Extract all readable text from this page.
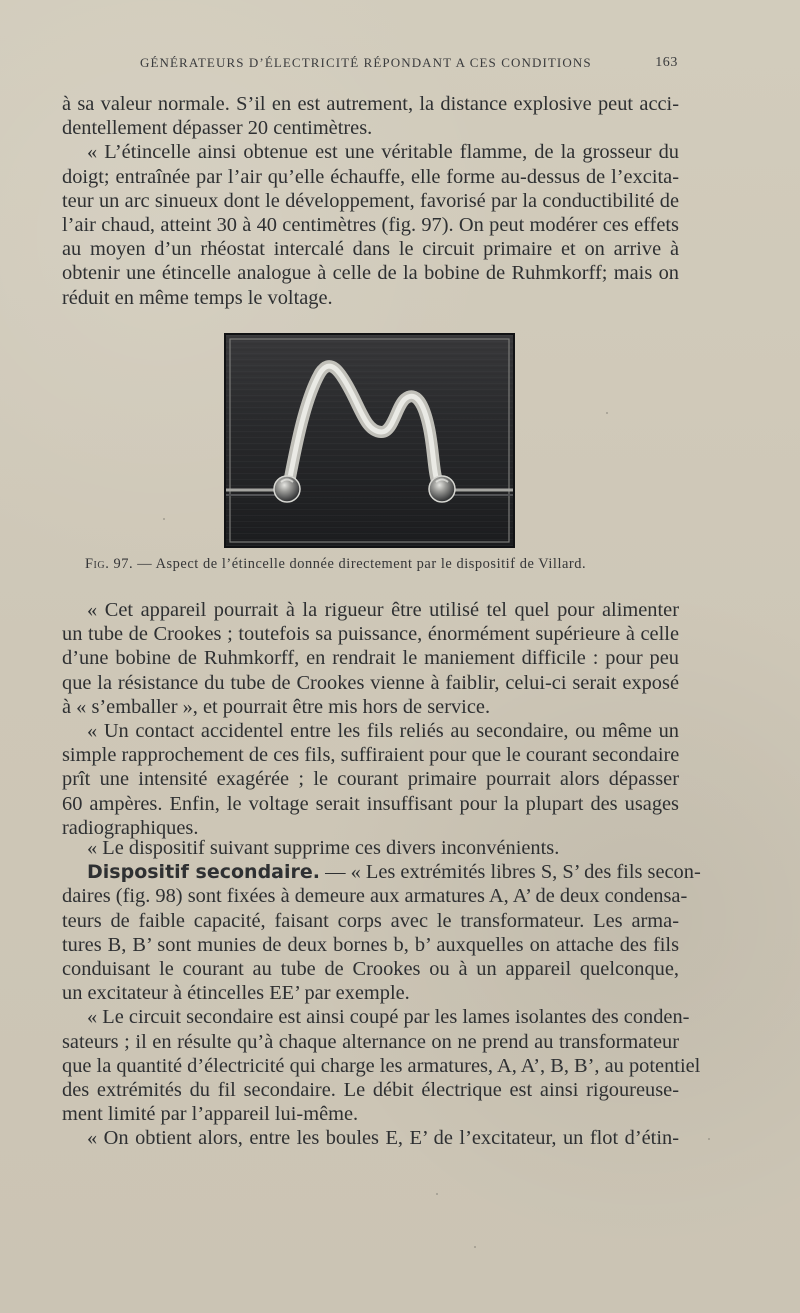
GÉNÉRATEURS D’ÉLECTRICITÉ RÉPONDANT A CES CONDITIONS	163
à sa valeur normale. S’il en est autrement, la distance explosive peut acci-
dentellement dépasser 20 centimètres.
« L’étincelle ainsi obtenue est une véritable flamme, de la grosseur du
doigt; entraînée par l’air qu’elle échauffe, elle forme au-dessus de l’excita-
teur un arc sinueux dont le développement, favorisé par la conductibilité de
l’air chaud, atteint 30 à 40 centimètres (fig. 97). On peut modérer ces effets
au moyen d’un rhéostat intercalé dans le circuit primaire et on arrive à
obtenir une étincelle analogue à celle de la bobine de Ruhmkorff; mais on
réduit en même temps le voltage.
Fig. 97. — Aspect de l’étincelle donnée directement par le dispositif de Villard.
« Cet appareil pourrait à la rigueur être utilisé tel quel pour alimenter
un tube de Crookes ; toutefois sa puissance, énormément supérieure à celle
d’une bobine de Ruhmkorff, en rendrait le maniement difficile : pour peu
que la résistance du tube de Crookes vienne à faiblir, celui-ci serait exposé
à « s’emballer », et pourrait être mis hors de service.
« Un contact accidentel entre les fils reliés au secondaire, ou même un
simple rapprochement de ces fils, suffiraient pour que le courant secondaire
prît une intensité exagérée ; le courant primaire pourrait alors dépasser
60 ampères. Enfin, le voltage serait insuffisant pour la plupart des usages
radiographiques.
« Le dispositif suivant supprime ces divers inconvénients.
Dispositif secondaire. — « Les extrémités libres S, S’ des fils secon-
daires (fig. 98) sont fixées à demeure aux armatures A, A’ de deux condensa-
teurs de faible capacité, faisant corps avec le transformateur. Les arma-
tures B, B’ sont munies de deux bornes b, b’ auxquelles on attache des fils
conduisant le courant au tube de Crookes ou à un appareil quelconque,
un excitateur à étincelles EE’ par exemple.
« Le circuit secondaire est ainsi coupé par les lames isolantes des conden-
sateurs ; il en résulte qu’à chaque alternance on ne prend au transformateur
que la quantité d’électricité qui charge les armatures, A, A’, B, B’, au potentiel
des extrémités du fil secondaire. Le débit électrique est ainsi rigoureuse-
ment limité par l’appareil lui-même.
« On obtient alors, entre les boules E, E’ de l’excitateur, un flot d’étin-
